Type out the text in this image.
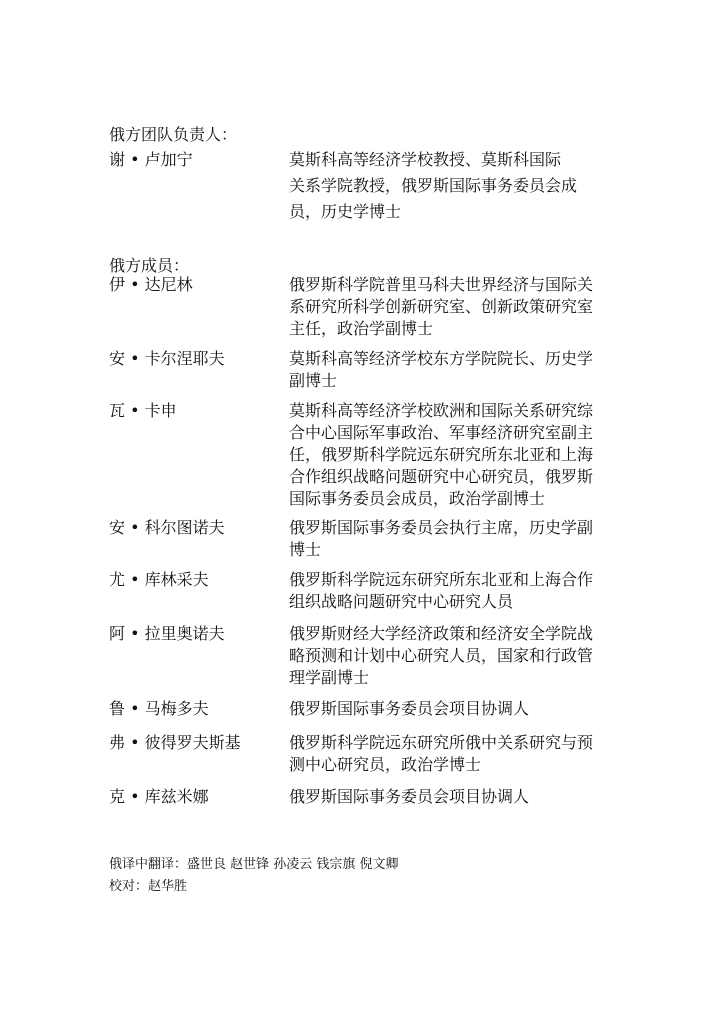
俄方团队负责人：
谢 • 卢加宁	莫斯科高等经济学校教授、莫斯科国际
关系学院教授，俄罗斯国际事务委员会成
员，历史学博士
俄方成员：
伊 • 达尼林	俄罗斯科学院普里马科夫世界经济与国际关
系研究所科学创新研究室、创新政策研究室
主任，政治学副博士
安 • 卡尔涅耶夫	莫斯科高等经济学校东方学院院长、历史学
副博士
瓦 • 卡申	莫斯科高等经济学校欧洲和国际关系研究综
合中心国际军事政治、军事经济研究室副主
任，俄罗斯科学院远东研究所东北亚和上海
合作组织战略问题研究中心研究员，俄罗斯
国际事务委员会成员，政治学副博士
安 • 科尔图诺夫	俄罗斯国际事务委员会执行主席，历史学副
博士
尤 • 库林采夫	俄罗斯科学院远东研究所东北亚和上海合作
组织战略问题研究中心研究人员
阿 • 拉里奥诺夫	俄罗斯财经大学经济政策和经济安全学院战
略预测和计划中心研究人员，国家和行政管
理学副博士
鲁 • 马梅多夫	俄罗斯国际事务委员会项目协调人
弗 • 彼得罗夫斯基	俄罗斯科学院远东研究所俄中关系研究与预
测中心研究员，政治学博士
克 • 库兹米娜	俄罗斯国际事务委员会项目协调人
俄译中翻译：盛世良 赵世锋 孙凌云 钱宗旗 倪文卿
校对：赵华胜
